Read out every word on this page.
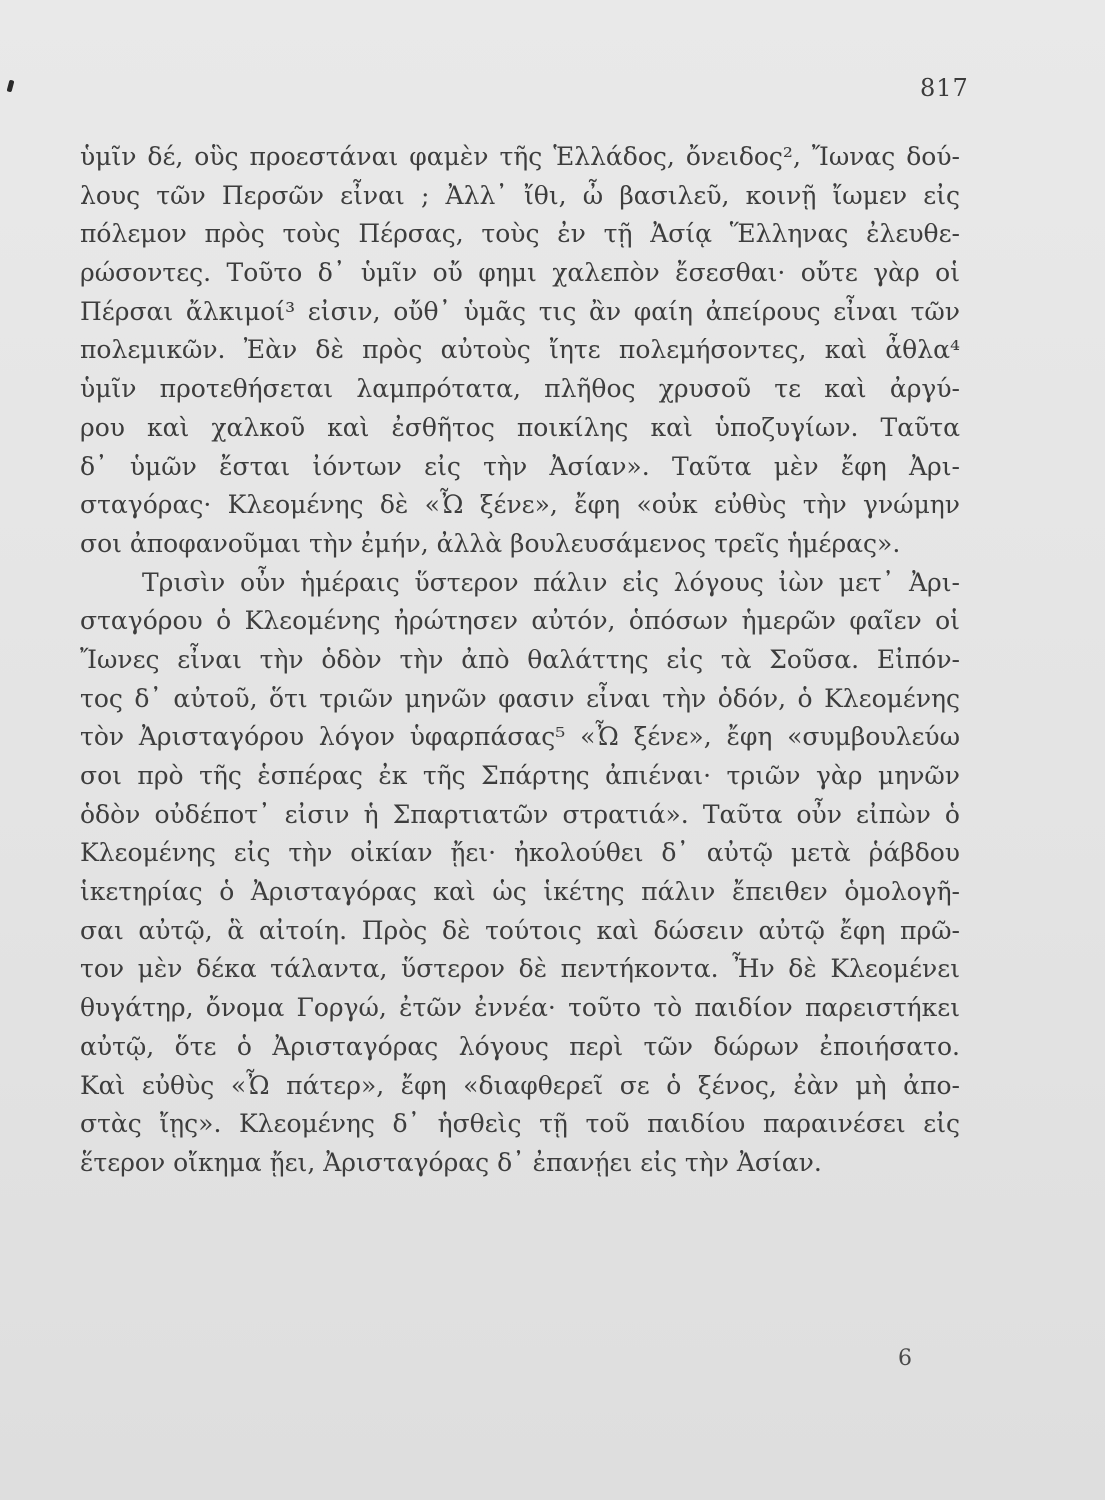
817
ὑμῖν δέ, οὓς προεστάναι φαμὲν τῆς Ἑλλάδος, ὄνειδος², Ἴωνας δού-
λους τῶν Περσῶν εἶναι ; Ἀλλ᾽ ἴθι, ὦ βασιλεῦ, κοινῇ ἴωμεν εἰς
πόλεμον πρὸς τοὺς Πέρσας, τοὺς ἐν τῇ Ἀσίᾳ Ἕλληνας ἐλευθε-
ρώσοντες. Τοῦτο δ᾽ ὑμῖν οὔ φημι χαλεπὸν ἔσεσθαι· οὔτε γὰρ οἱ
Πέρσαι ἄλκιμοί³ εἰσιν, οὔθ᾽ ὑμᾶς τις ἂν φαίη ἀπείρους εἶναι τῶν
πολεμικῶν. Ἐὰν δὲ πρὸς αὐτοὺς ἴητε πολεμήσοντες, καὶ ἆθλα⁴
ὑμῖν προτεθήσεται λαμπρότατα, πλῆθος χρυσοῦ τε καὶ ἀργύ-
ρου καὶ χαλκοῦ καὶ ἐσθῆτος ποικίλης καὶ ὑποζυγίων. Ταῦτα
δ᾽ ὑμῶν ἔσται ἰόντων εἰς τὴν Ἀσίαν». Ταῦτα μὲν ἔφη Ἀρι-
σταγόρας· Κλεομένης δὲ «Ὦ ξένε», ἔφη «οὐκ εὐθὺς τὴν γνώμην
σοι ἀποφανοῦμαι τὴν ἐμήν, ἀλλὰ βουλευσάμενος τρεῖς ἡμέρας».
Τρισὶν οὖν ἡμέραις ὕστερον πάλιν εἰς λόγους ἰὼν μετ᾽ Ἀρι-
σταγόρου ὁ Κλεομένης ἠρώτησεν αὐτόν, ὁπόσων ἡμερῶν φαῖεν οἱ
Ἴωνες εἶναι τὴν ὁδὸν τὴν ἀπὸ θαλάττης εἰς τὰ Σοῦσα. Εἰπόν-
τος δ᾽ αὐτοῦ, ὅτι τριῶν μηνῶν φασιν εἶναι τὴν ὁδόν, ὁ Κλεομένης
τὸν Ἀρισταγόρου λόγον ὑφαρπάσας⁵ «Ὦ ξένε», ἔφη «συμβουλεύω
σοι πρὸ τῆς ἑσπέρας ἐκ τῆς Σπάρτης ἀπιέναι· τριῶν γὰρ μηνῶν
ὁδὸν οὐδέποτ᾽ εἰσιν ἡ Σπαρτιατῶν στρατιά». Ταῦτα οὖν εἰπὼν ὁ
Κλεομένης εἰς τὴν οἰκίαν ᾔει· ἠκολούθει δ᾽ αὐτῷ μετὰ ῥάβδου
ἱκετηρίας ὁ Ἀρισταγόρας καὶ ὡς ἱκέτης πάλιν ἔπειθεν ὁμολογῆ-
σαι αὐτῷ, ἃ αἰτοίη. Πρὸς δὲ τούτοις καὶ δώσειν αὐτῷ ἔφη πρῶ-
τον μὲν δέκα τάλαντα, ὕστερον δὲ πεντήκοντα. Ἦν δὲ Κλεομένει
θυγάτηρ, ὄνομα Γοργώ, ἐτῶν ἐννέα· τοῦτο τὸ παιδίον παρειστήκει
αὐτῷ, ὅτε ὁ Ἀρισταγόρας λόγους περὶ τῶν δώρων ἐποιήσατο.
Καὶ εὐθὺς «Ὦ πάτερ», ἔφη «διαφθερεῖ σε ὁ ξένος, ἐὰν μὴ ἀπο-
στὰς ἴῃς». Κλεομένης δ᾽ ἡσθεὶς τῇ τοῦ παιδίου παραινέσει εἰς
ἕτερον οἴκημα ᾔει, Ἀρισταγόρας δ᾽ ἐπανῄει εἰς τὴν Ἀσίαν.
6
